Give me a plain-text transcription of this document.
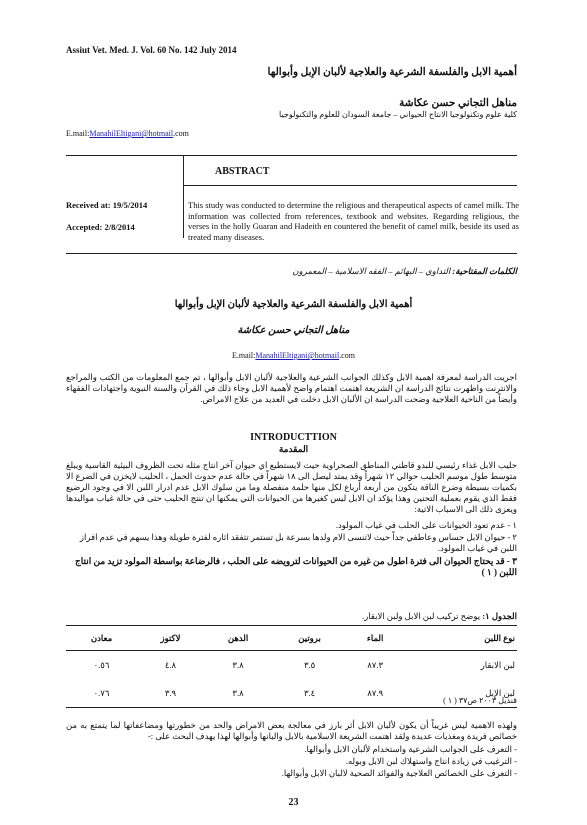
Assiut Vet. Med. J. Vol. 60 No. 142 July 2014
أهمية الابل والفلسفة الشرعية والعلاجية لألبان الإبل وأبوالها
مناهل التجاني حسن عكاشة
كلية علوم وتكنولوجيا الانتاج الحيواني – جامعة السودان للعلوم والتكنولوجيا
E.mail:ManahilEltigani@hotmail.com
ABSTRACT
Received at: 19/5/2014
Accepted: 2/8/2014
This study was conducted to determine the religious and therapeutical aspects of camel milk. The information was collected from references, textbook and websites. Regarding religious, the verses in the holly Guaran and Hadeith en countered the benefit of camel milk, beside its used as treated many diseases.
الكلمات المفتاحية: التداوي – البهائم – الفقه الاسلامية – المعمرون
أهمية الابل والفلسفة الشرعية والعلاجية لألبان الإبل وأبوالها
مناهل التجاني حسن عكاشة
E.mail:ManahilEltigani@hotmail.com
اجريت الدراسة لمعرفة اهمية الابل وكذلك الجوانب الشرعية والعلاجية لألبان الابل وأبوالها ، تم جمع المعلومات من الكتب والمراجع والانترنت واظهرت نتائج الدراسة ان الشريعة اهتمت اهتمام واضح لأهمية الابل وجاء ذلك في القرآن والسنة النبوية واجتهادات الفقهاء وأيضاً من الناحية العلاجية وضحت الدراسة ان الألبان الابل دخلت في العديد من علاج الامراض.
INTRODUCTTION
المقدمة
حليب الابل غذاء رئيسي للبدو قاطني المناطق الصحراوية حيث لايستطيع اي حيوان آخر انتاج مثله تحت الظروف البيئية القاسية ويبلغ متوسط طول موسم الحليب حوالي ١٢ شهراً وقد يمتد ليصل الى ١٨ شهراً في حالة عدم حدوث الحمل ، الحليب لايخزن في الضرع الا بكميات بسيطة وضرع الناقة يتكون من أربعة أرباع لكل منها حلمة منفصلة وما من سلوك الابل عدم ادرار اللبن الا في وجود الرضيع فقط الذي يقوم بعملية التحنين وهذا يؤكد ان الابل ليس كغيرها من الحيوانات التي يمكنها ان تنتج الحليب حتى في حالة غياب مواليدها ويعزى ذلك الى الاسباب الاتية:
١ - عدم تعود الحيوانات على الحلب في غياب المولود.
٢ - حيوان الابل حساس وعاطفي جداً حيث لاتنسى الام ولدها بسرعة بل تستمر تتفقد اثاره لفترة طويلة وهذا يسهم في عدم افراز اللبن في غياب المولود.
٣ - قد يحتاج الحيوان الى فترة اطول من غيره من الحيوانات لترويضه على الحلب ، فالرضاعة بواسطة المولود تزيد من انتاج اللبن ( ١ )
الجدول ١: يوضح تركيب لبن الابل ولبن الابقار.
نوع اللبن	الماء	بروتين	الدهن	لاكتوز	معادن
لبن الابقار	٨٧.٣	٣.٥	٣.٨	٤.٨	٠.٥٦
لبن الإبل	٨٧.٩	٣.٤	٣.٨	٣.٩	٠.٧٦
قنديل ٢٠٠٣ ص٣٧ ( ١ )
ولهذه الاهمية ليس غريباً أن يكون لألبان الابل أثر بارز في معالجة بعض الامراض والحد من خطورتها ومضاعفاتها لما يتمتع به من خصائص فريدة ومغذيات عديدة ولقد اهتمت الشريعة الاسلامية بالابل والبانها وأبوالها لهذا يهدف البحث على :-
- التعرف على الجوانب الشرعية واستخدام لألبان الابل وأبوالها.
- الترغيب في زيادة انتاج واستهلاك لبن الابل وبوله.
- التعرف على الخصائص العلاجية والفوائد الصحية لالبان الابل وأبوالها.
23
